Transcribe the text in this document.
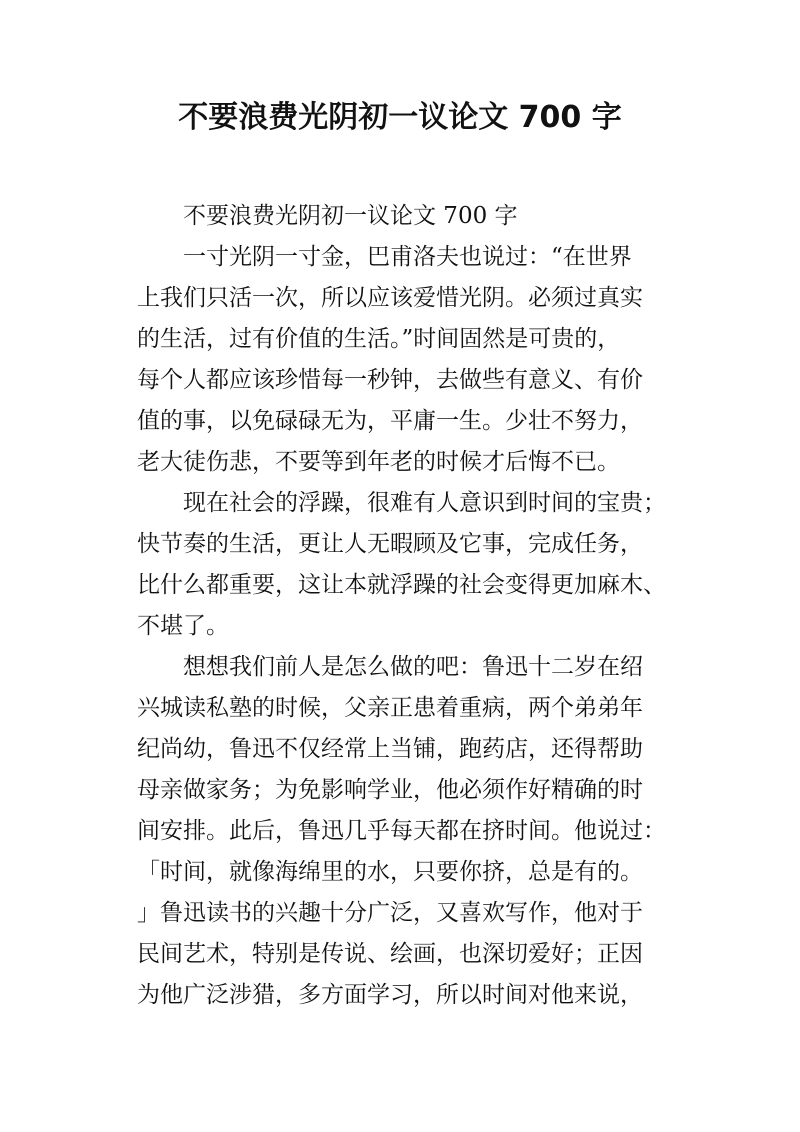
不要浪费光阴初一议论文 700 字
不要浪费光阴初一议论文 700 字
一寸光阴一寸金，巴甫洛夫也说过：“在世界
上我们只活一次，所以应该爱惜光阴。必须过真实
的生活，过有价值的生活。”时间固然是可贵的，
每个人都应该珍惜每一秒钟，去做些有意义、有价
值的事，以免碌碌无为，平庸一生。少壮不努力，
老大徒伤悲，不要等到年老的时候才后悔不已。
现在社会的浮躁，很难有人意识到时间的宝贵；
快节奏的生活，更让人无暇顾及它事，完成任务，
比什么都重要，这让本就浮躁的社会变得更加麻木、
不堪了。
想想我们前人是怎么做的吧：鲁迅十二岁在绍
兴城读私塾的时候，父亲正患着重病，两个弟弟年
纪尚幼，鲁迅不仅经常上当铺，跑药店，还得帮助
母亲做家务；为免影响学业，他必须作好精确的时
间安排。此后，鲁迅几乎每天都在挤时间。他说过：
「时间，就像海绵里的水，只要你挤，总是有的。
」鲁迅读书的兴趣十分广泛，又喜欢写作，他对于
民间艺术，特别是传说、绘画，也深切爱好；正因
为他广泛涉猎，多方面学习，所以时间对他来说，
